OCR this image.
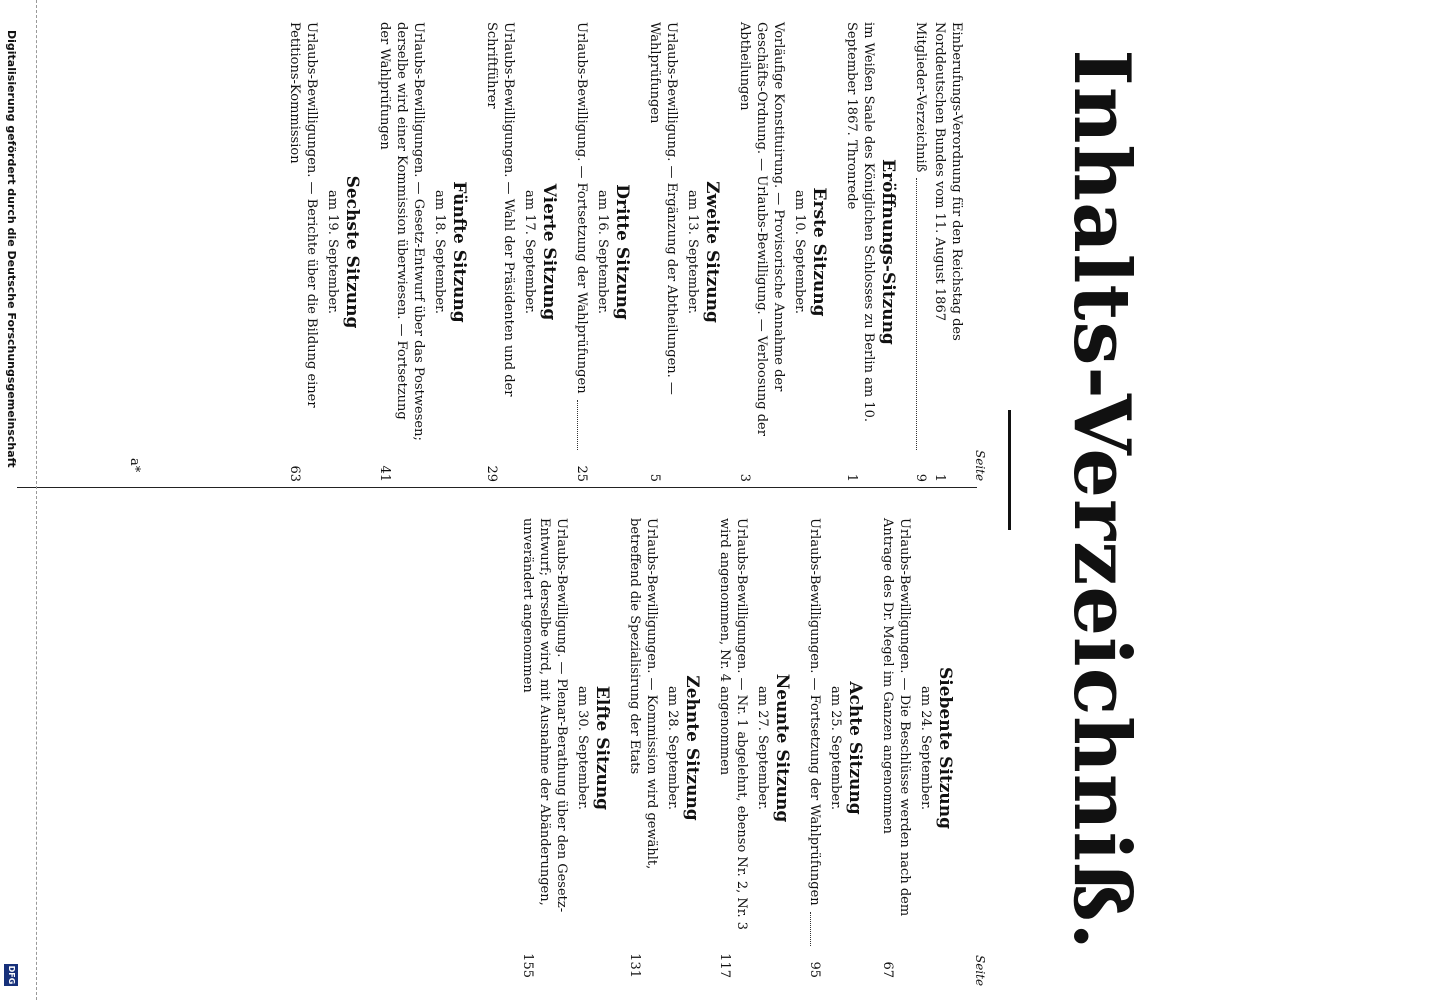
Inhalts-Verzeichniß.
Seite
Seite
Einberufungs-Verordnung für den Reichstag des Norddeutschen Bundes vom 11. August 1867
1
Mitglieder-Verzeichniß
9
Eröffnungs-Sitzung
im Weißen Saale des Königlichen Schlosses zu Berlin am 10. September 1867. Thronrede
1
Erste Sitzung
am 10. September.
Vorläufige Konstituirung. — Provisorische Annahme der Geschäfts-Ordnung. — Urlaubs-Bewilligung. — Verloosung der Abtheilungen
3
Zweite Sitzung
am 13. September.
Urlaubs-Bewilligung. — Ergänzung der Abtheilungen. — Wahlprüfungen
5
Dritte Sitzung
am 16. September.
Urlaubs-Bewilligung. — Fortsetzung der Wahlprüfungen
25
Vierte Sitzung
am 17. September.
Urlaubs-Bewilligungen. — Wahl der Präsidenten und der Schriftführer
29
Fünfte Sitzung
am 18. September.
Urlaubs-Bewilligungen. — Gesetz-Entwurf über das Postwesen; derselbe wird einer Kommission überwiesen. — Fortsetzung der Wahlprüfungen
41
Sechste Sitzung
am 19. September.
Urlaubs-Bewilligungen. — Berichte über die Bildung einer Petitions-Kommission
63
Siebente Sitzung
am 24. September.
Urlaubs-Bewilligungen. — Die Beschlüsse werden nach dem Antrage des Dr. Megel im Ganzen angenommen
67
Achte Sitzung
am 25. September.
Urlaubs-Bewilligungen. — Fortsetzung der Wahlprüfungen
95
Neunte Sitzung
am 27. September.
Urlaubs-Bewilligungen. — Nr. 1 abgelehnt, ebenso Nr. 2, Nr. 3 wird angenommen, Nr. 4 angenommen
117
Zehnte Sitzung
am 28. September.
Urlaubs-Bewilligungen. — Kommission wird gewählt, betreffend die Spezialisirung der Etats
131
Elfte Sitzung
am 30. September.
Urlaubs-Bewilligung. — Plenar-Berathung über den Gesetz-Entwurf; derselbe wird, mit Ausnahme der Abänderungen, unverändert angenommen
155
a*
Digitalisierung gefördert durch die Deutsche Forschungsgemeinschaft
DFG
